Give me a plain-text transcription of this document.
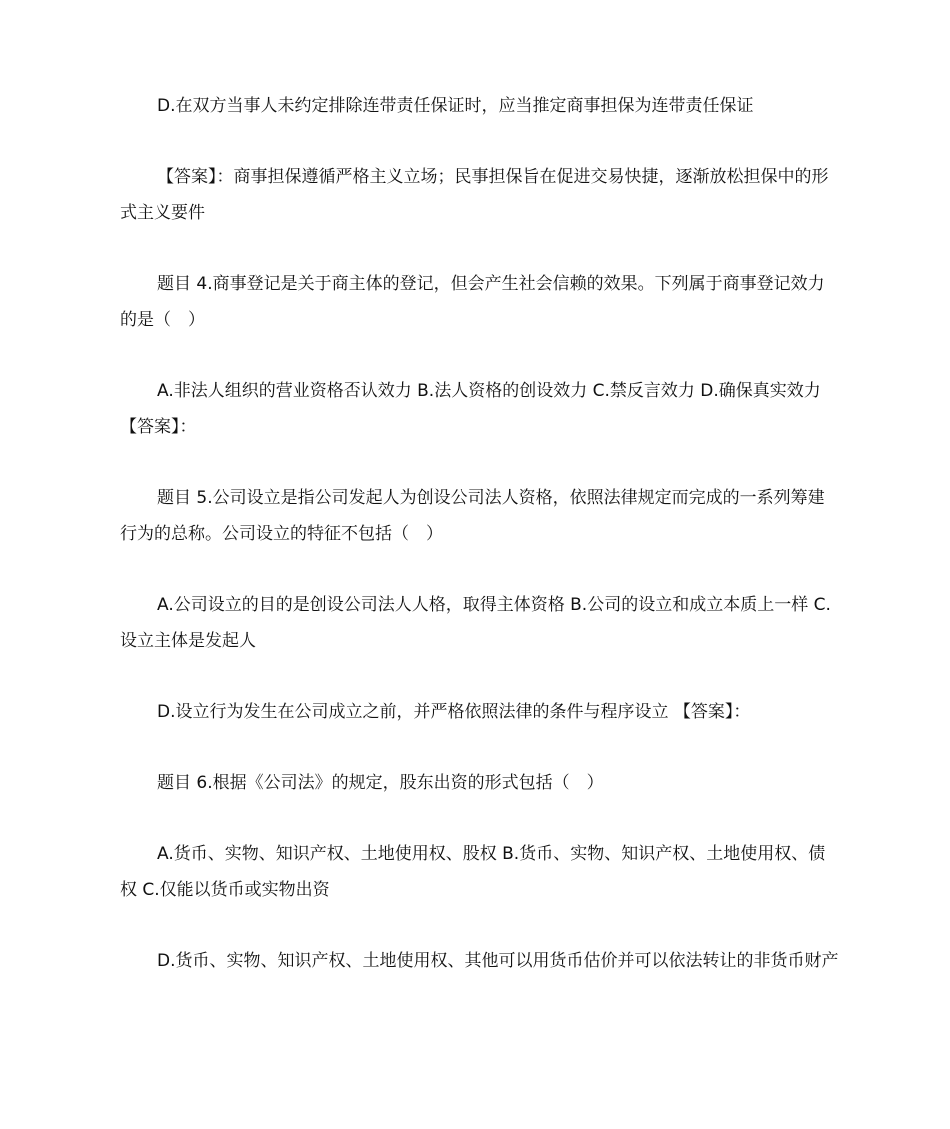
D.在双方当事人未约定排除连带责任保证时，应当推定商事担保为连带责任保证

【答案】：商事担保遵循严格主义立场；民事担保旨在促进交易快捷，逐渐放松担保中的形式主义要件

题目 4.商事登记是关于商主体的登记，但会产生社会信赖的效果。下列属于商事登记效力的是（　）

A.非法人组织的营业资格否认效力 B.法人资格的创设效力 C.禁反言效力 D.确保真实效力 【答案】：

题目 5.公司设立是指公司发起人为创设公司法人资格，依照法律规定而完成的一系列筹建行为的总称。公司设立的特征不包括（　）

A.公司设立的目的是创设公司法人人格，取得主体资格 B.公司的设立和成立本质上一样 C.设立主体是发起人

D.设立行为发生在公司成立之前，并严格依照法律的条件与程序设立 【答案】：

题目 6.根据《公司法》的规定，股东出资的形式包括（　）

A.货币、实物、知识产权、土地使用权、股权 B.货币、实物、知识产权、土地使用权、债权 C.仅能以货币或实物出资

D.货币、实物、知识产权、土地使用权、其他可以用货币估价并可以依法转让的非货币财产
